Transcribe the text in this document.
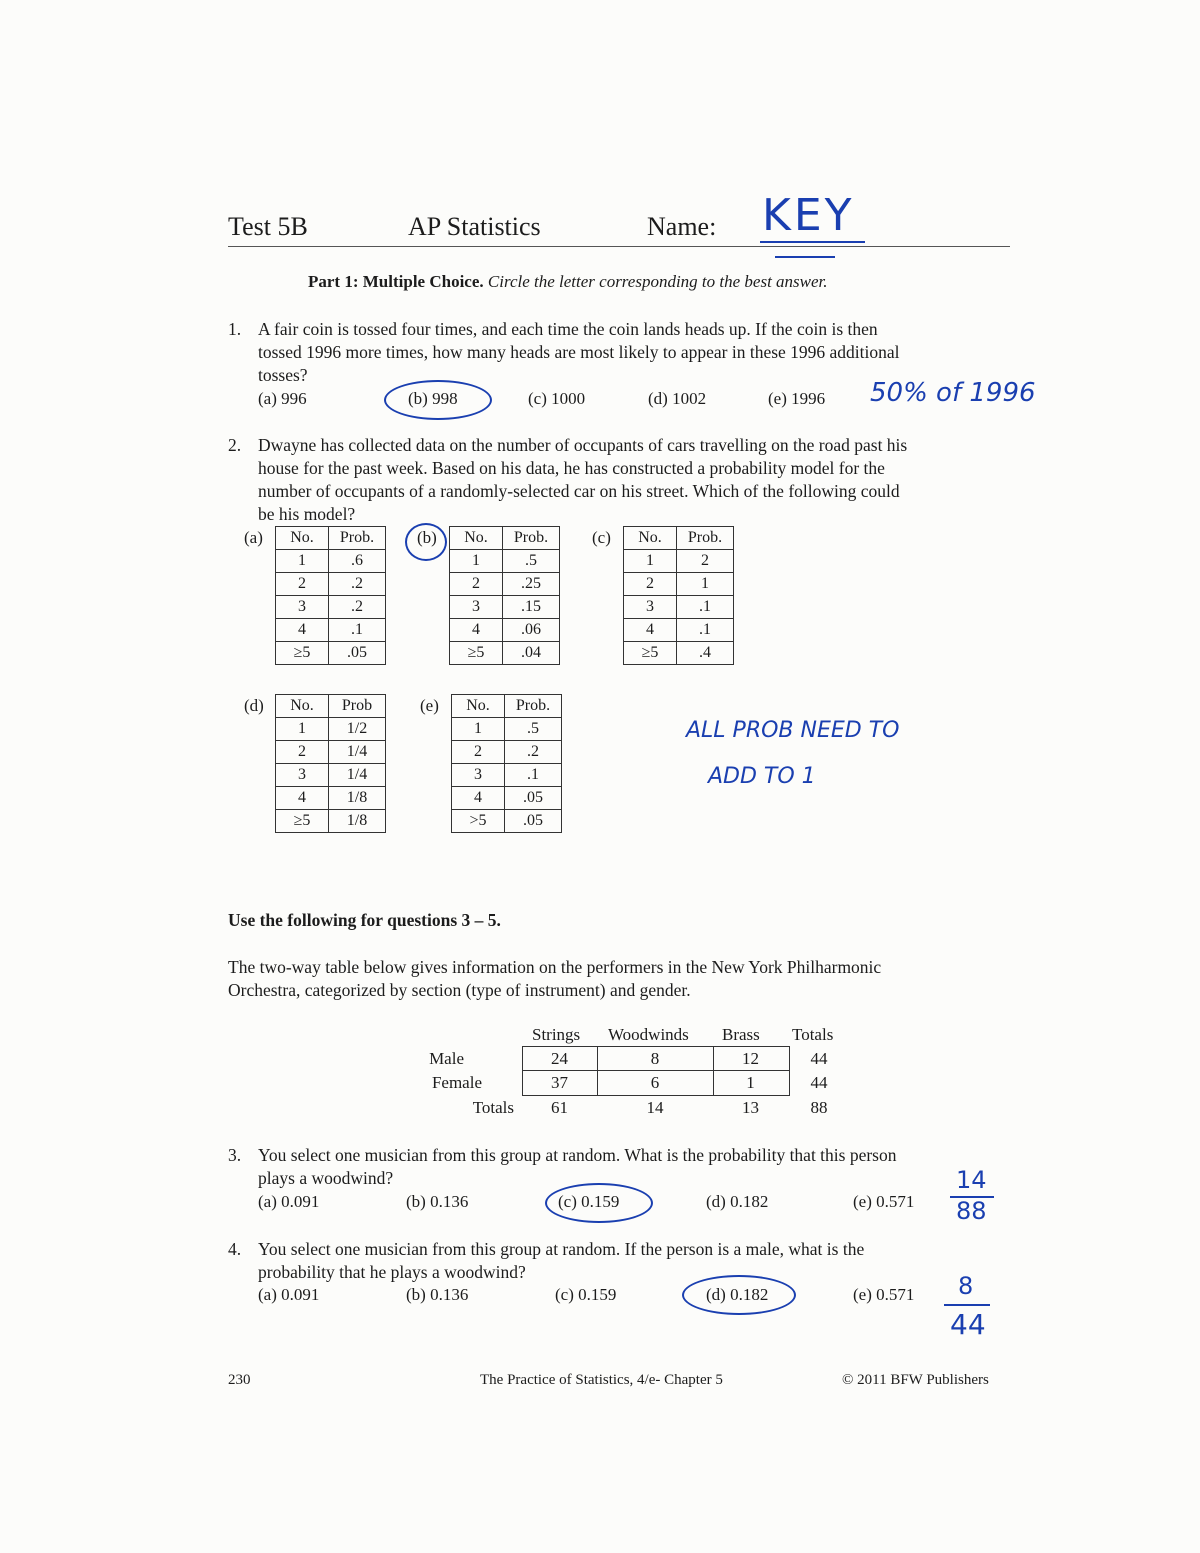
Test 5B	AP Statistics	Name: KEY
Part 1: Multiple Choice. Circle the letter corresponding to the best answer.
1. A fair coin is tossed four times, and each time the coin lands heads up. If the coin is then
tossed 1996 more times, how many heads are most likely to appear in these 1996 additional
tosses?
(a) 996	(b) 998	(c) 1000	(d) 1002	(e) 1996 50% of 1996
2. Dwayne has collected data on the number of occupants of cars travelling on the road past his
house for the past week. Based on his data, he has constructed a probability model for the
number of occupants of a randomly-selected car on his street. Which of the following could
be his model?
(a) No.	Prob.
1	.6
2	.2
3	.2
4	.1
≥5	.05
(b) No.	Prob.
1	.5
2	.25
3	.15
4	.06
≥5	.04
(c) No.	Prob.
1	2
2	1
3	.1
4	.1
≥5	.4
(d) No.	Prob
1	1/2
2	1/4
3	1/4
4	1/8
≥5	1/8
(e) No.	Prob.
1	.5
2	.2
3	.1
4	.05
>5	.05
ALL PROB NEED TO
ADD TO 1
Use the following for questions 3 – 5.
The two-way table below gives information on the performers in the New York Philharmonic
Orchestra, categorized by section (type of instrument) and gender.
Strings Woodwinds Brass Totals
Male	24	8	12	44
Female	37	6	1	44
Totals	61	14	13	88
3. You select one musician from this group at random. What is the probability that this person
plays a woodwind?
(a) 0.091	(b) 0.136	(c) 0.159	(d) 0.182	(e) 0.571
14
88
4. You select one musician from this group at random. If the person is a male, what is the
probability that he plays a woodwind?
(a) 0.091	(b) 0.136	(c) 0.159	(d) 0.182	(e) 0.571 8
44
230	The Practice of Statistics, 4/e- Chapter 5	© 2011 BFW Publishers
